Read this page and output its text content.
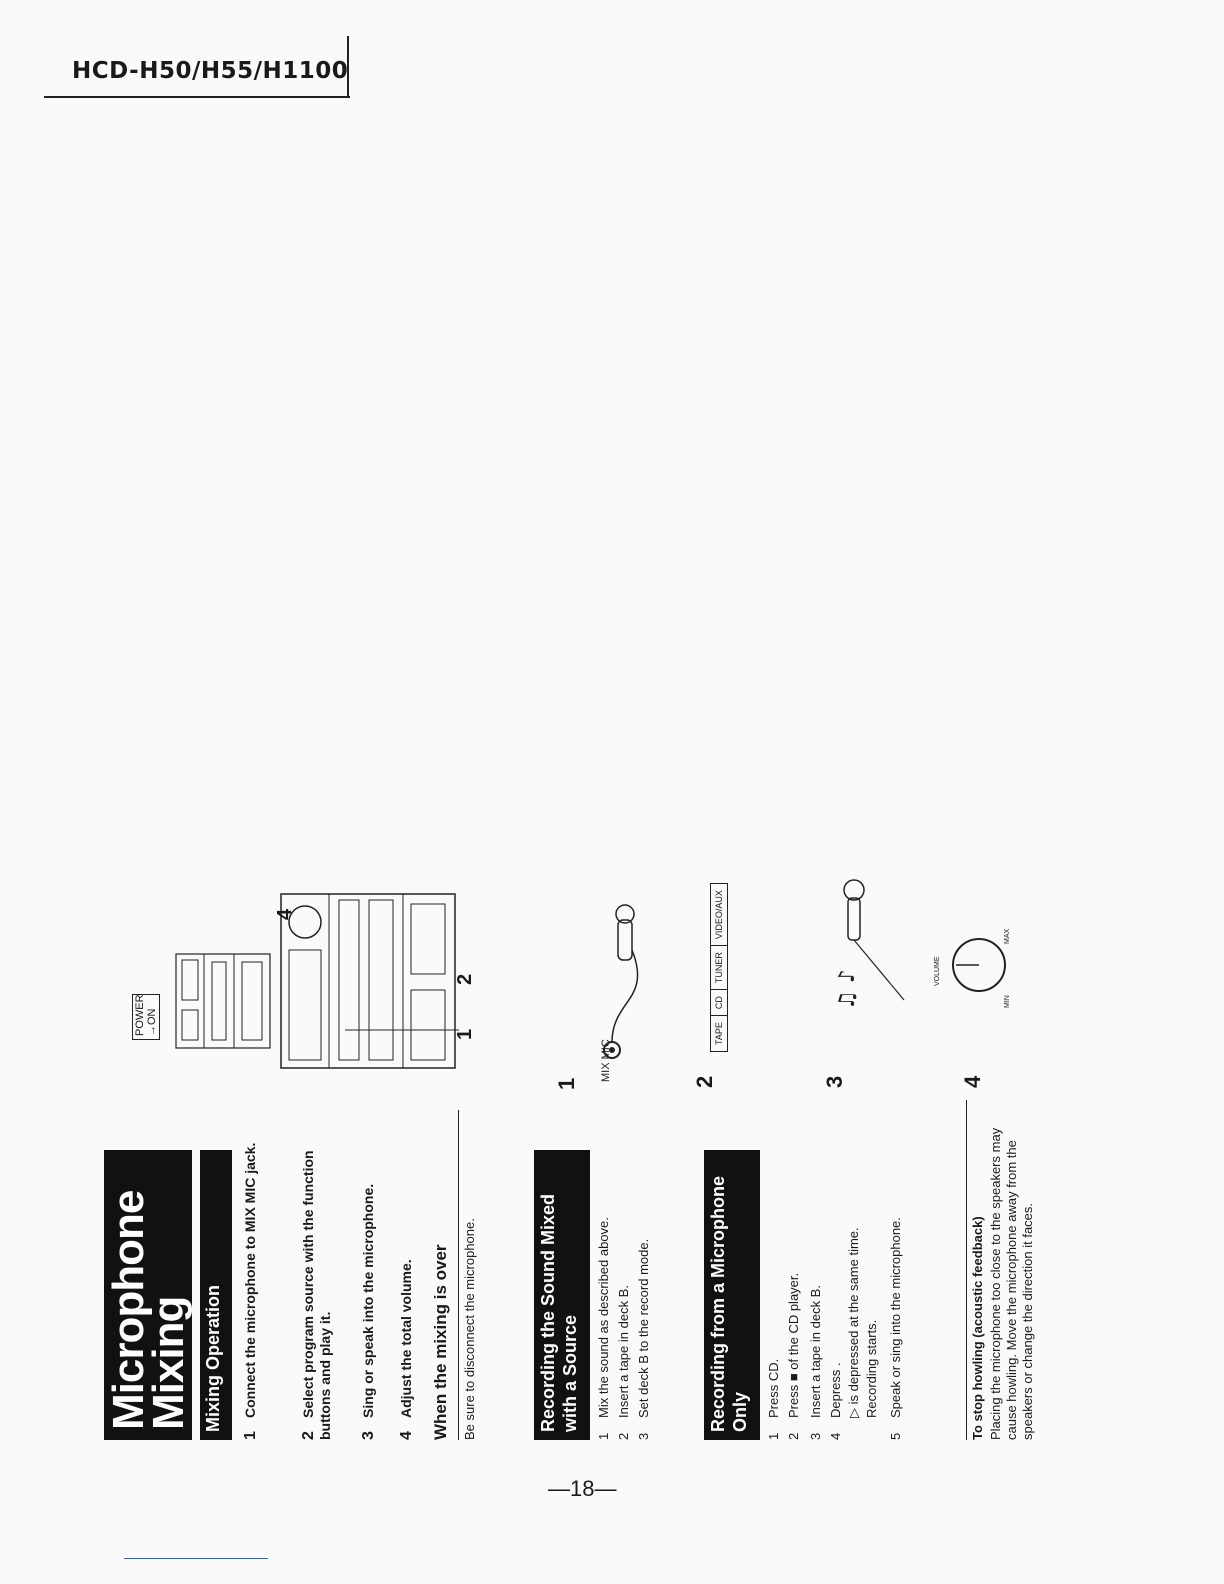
HCD-H50/H55/H1100
Microphone Mixing Mixing Operation
1Connect the microphone to MIX MIC jack.
2Select program source with the function buttons and play it. 3Sing or speak into the microphone.
4Adjust the total volume. When the mixing is over Be sure to disconnect the microphone.	Recording the Sound Mixed with a Source
1Mix the sound as described above.
2Insert a tape in deck B.
3Set deck B to the record mode.	Recording from a Microphone Only
1Press CD.
2Press ■ of the CD player.
3Insert a tape in deck B.
4Depress . ▷ is depressed at the same time. Recording starts.
5Speak or sing into the microphone.	To stop howling (acoustic feedback) Placing the microphone too close to the speakers may cause howling. Move the microphone away from the speakers or change the direction it faces.
1	2	3	4
POWER →ON	1
2
4
MIX MIC
TAPE
CD
TUNER
VIDEO/AUX
♫ ♪	VOLUME
MIN
MAX
—18—
